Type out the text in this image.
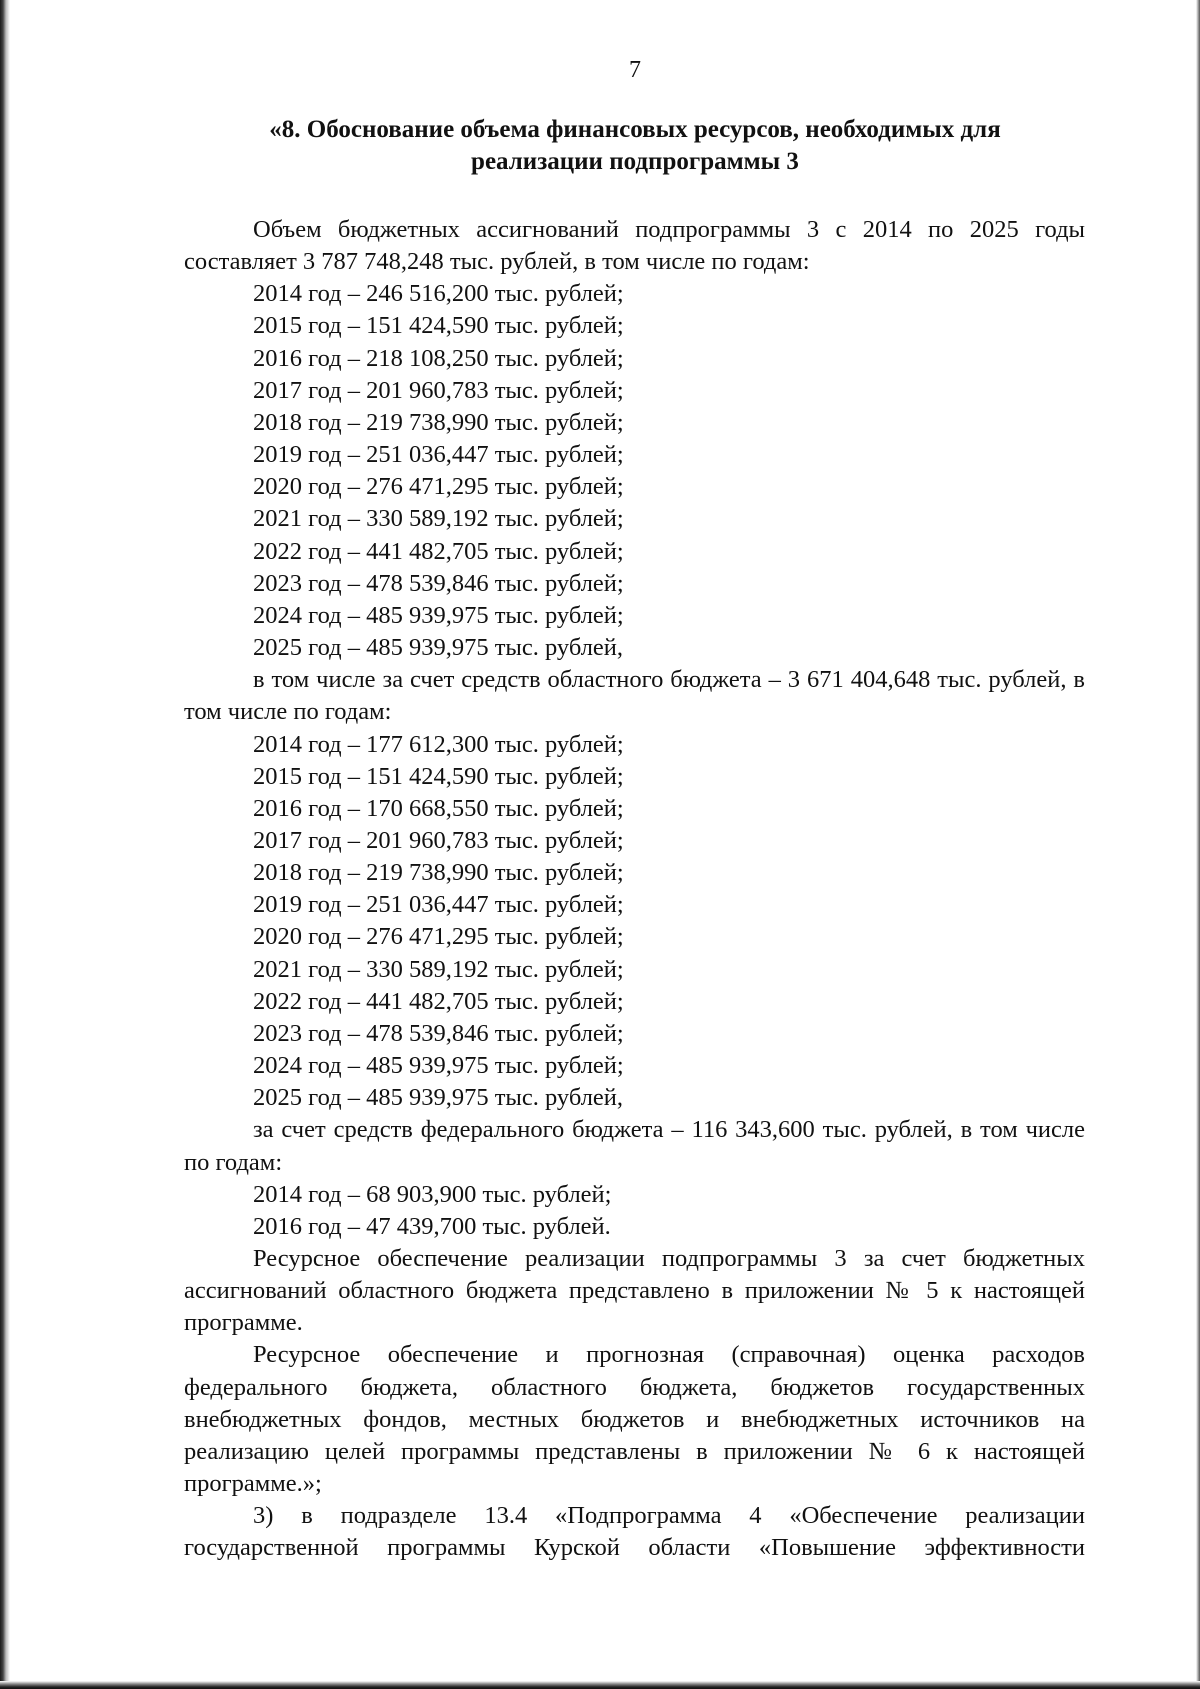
7
«8. Обоснование объема финансовых ресурсов, необходимых для
реализации подпрограммы 3

Объем бюджетных ассигнований подпрограммы 3 с 2014 по 2025 годы составляет 3 787 748,248 тыс. рублей, в том числе по годам:

2014 год – 246 516,200 тыс. рублей;
2015 год – 151 424,590 тыс. рублей;
2016 год – 218 108,250 тыс. рублей;
2017 год – 201 960,783 тыс. рублей;
2018 год – 219 738,990 тыс. рублей;
2019 год – 251 036,447 тыс. рублей;
2020 год – 276 471,295 тыс. рублей;
2021 год – 330 589,192 тыс. рублей;
2022 год – 441 482,705 тыс. рублей;
2023 год – 478 539,846 тыс. рублей;
2024 год – 485 939,975 тыс. рублей;
2025 год – 485 939,975 тыс. рублей,

в том числе за счет средств областного бюджета – 3 671 404,648 тыс. рублей, в том числе по годам:

2014 год – 177 612,300 тыс. рублей;
2015 год – 151 424,590 тыс. рублей;
2016 год – 170 668,550 тыс. рублей;
2017 год – 201 960,783 тыс. рублей;
2018 год – 219 738,990 тыс. рублей;
2019 год – 251 036,447 тыс. рублей;
2020 год – 276 471,295 тыс. рублей;
2021 год – 330 589,192 тыс. рублей;
2022 год – 441 482,705 тыс. рублей;
2023 год – 478 539,846 тыс. рублей;
2024 год – 485 939,975 тыс. рублей;
2025 год – 485 939,975 тыс. рублей,

за счет средств федерального бюджета – 116 343,600 тыс. рублей, в том числе по годам:

2014 год – 68 903,900 тыс. рублей;
2016 год – 47 439,700 тыс. рублей.

Ресурсное обеспечение реализации подпрограммы 3 за счет бюджетных ассигнований областного бюджета представлено в приложении № 5 к настоящей программе.

Ресурсное обеспечение и прогнозная (справочная) оценка расходов федерального бюджета, областного бюджета, бюджетов государственных внебюджетных фондов, местных бюджетов и внебюджетных источников на реализацию целей программы представлены в приложении № 6 к настоящей программе.»;

3) в подразделе 13.4 «Подпрограмма 4 «Обеспечение реализации государственной программы Курской области «Повышение эффективности
